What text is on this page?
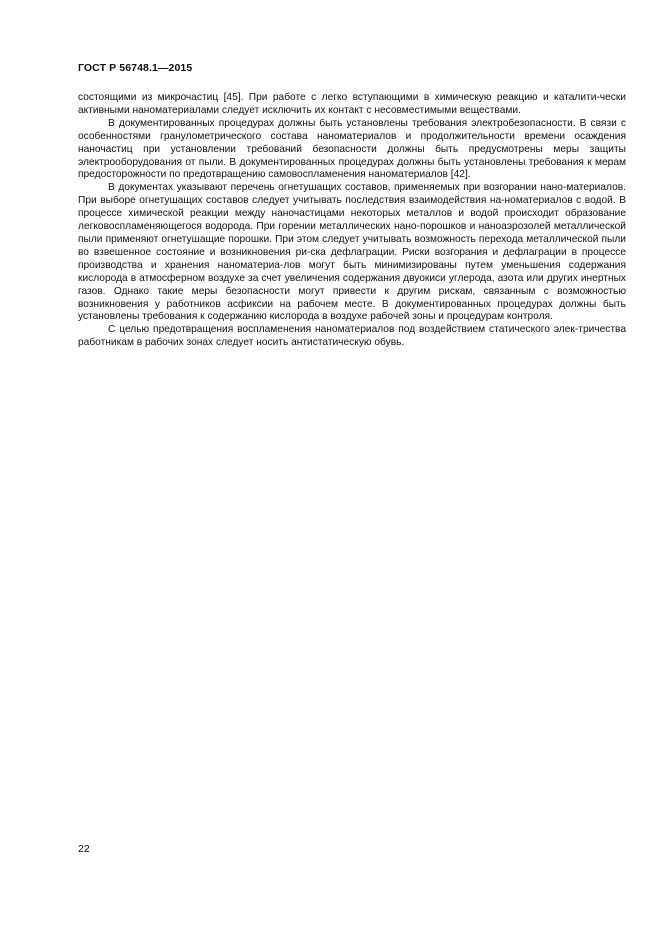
ГОСТ Р 56748.1—2015

состоящими из микрочастиц [45]. При работе с легко вступающими в химическую реакцию и каталити-чески активными наноматериалами следует исключить их контакт с несовместимыми веществами.

В документированных процедурах должны быть установлены требования электробезопасности. В связи с особенностями гранулометрического состава наноматериалов и продолжительности времени осаждения наночастиц при установлении требований безопасности должны быть предусмотрены меры защиты электрооборудования от пыли. В документированных процедурах должны быть установлены требования к мерам предосторожности по предотвращению самовоспламенения наноматериалов [42].

В документах указывают перечень огнетушащих составов, применяемых при возгорании нано-материалов. При выборе огнетушащих составов следует учитывать последствия взаимодействия на-номатериалов с водой. В процессе химической реакции между наночастицами некоторых металлов и водой происходит образование легковоспламеняющегося водорода. При горении металлических нано-порошков и наноаэрозолей металлической пыли применяют огнетушащие порошки. При этом следует учитывать возможность перехода металлической пыли во взвешенное состояние и возникновения ри-ска дефлаграции. Риски возгорания и дефлаграции в процессе производства и хранения наноматериа-лов могут быть минимизированы путем уменьшения содержания кислорода в атмосферном воздухе за счет увеличения содержания двуокиси углерода, азота или других инертных газов. Однако такие меры безопасности могут привести к другим рискам, связанным с возможностью возникновения у работников асфиксии на рабочем месте. В документированных процедурах должны быть установлены требования к содержанию кислорода в воздухе рабочей зоны и процедурам контроля.

С целью предотвращения воспламенения наноматериалов под воздействием статического элек-тричества работникам в рабочих зонах следует носить антистатическую обувь.

22
